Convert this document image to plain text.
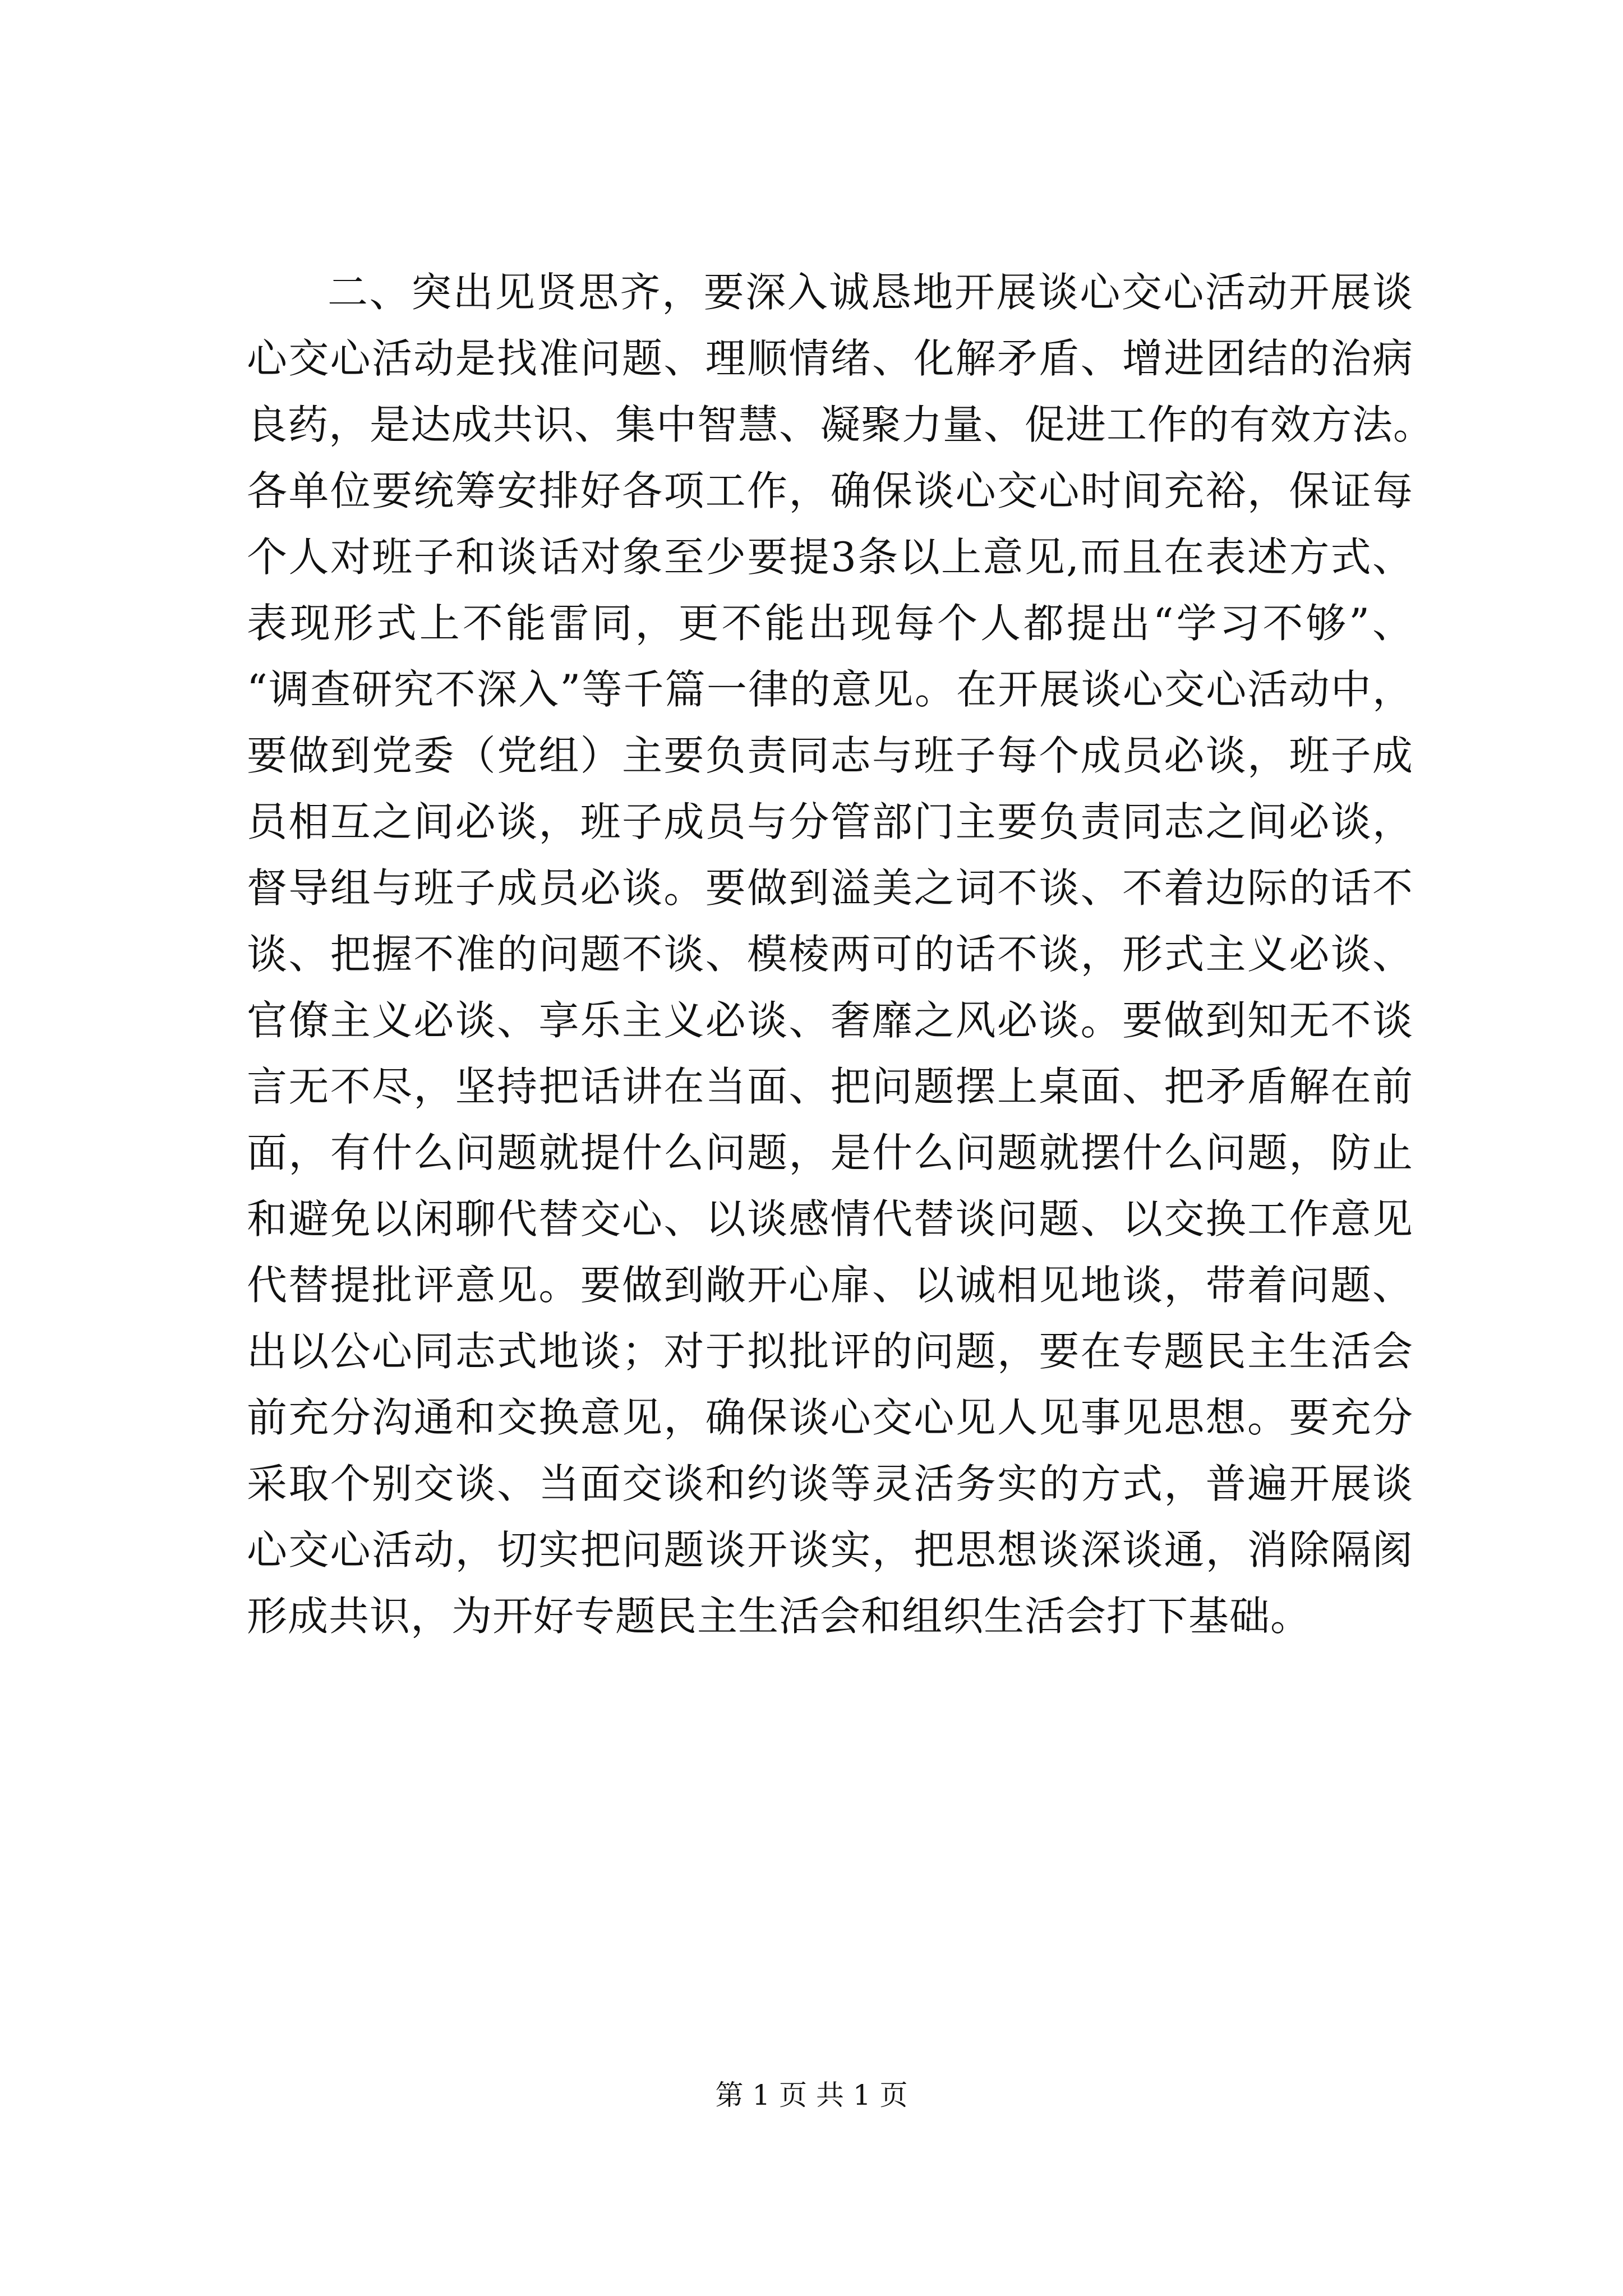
二、突出见贤思齐，要深入诚恳地开展谈心交心活动开展谈
心交心活动是找准问题、理顺情绪、化解矛盾、增进团结的治病
良药，是达成共识、集中智慧、凝聚力量、促进工作的有效方法。
各单位要统筹安排好各项工作，确保谈心交心时间充裕，保证每
个人对班子和谈话对象至少要提3条以上意见,而且在表述方式、
表现形式上不能雷同，更不能出现每个人都提出“学习不够”、
“调查研究不深入”等千篇一律的意见。在开展谈心交心活动中，
要做到党委（党组）主要负责同志与班子每个成员必谈，班子成
员相互之间必谈，班子成员与分管部门主要负责同志之间必谈，
督导组与班子成员必谈。要做到溢美之词不谈、不着边际的话不
谈、把握不准的问题不谈、模棱两可的话不谈，形式主义必谈、
官僚主义必谈、享乐主义必谈、奢靡之风必谈。要做到知无不谈
言无不尽，坚持把话讲在当面、把问题摆上桌面、把矛盾解在前
面，有什么问题就提什么问题，是什么问题就摆什么问题，防止
和避免以闲聊代替交心、以谈感情代替谈问题、以交换工作意见
代替提批评意见。要做到敞开心扉、以诚相见地谈，带着问题、
出以公心同志式地谈；对于拟批评的问题，要在专题民主生活会
前充分沟通和交换意见，确保谈心交心见人见事见思想。要充分
采取个别交谈、当面交谈和约谈等灵活务实的方式，普遍开展谈
心交心活动，切实把问题谈开谈实，把思想谈深谈通，消除隔阂
形成共识，为开好专题民主生活会和组织生活会打下基础。
第 1 页 共 1 页
